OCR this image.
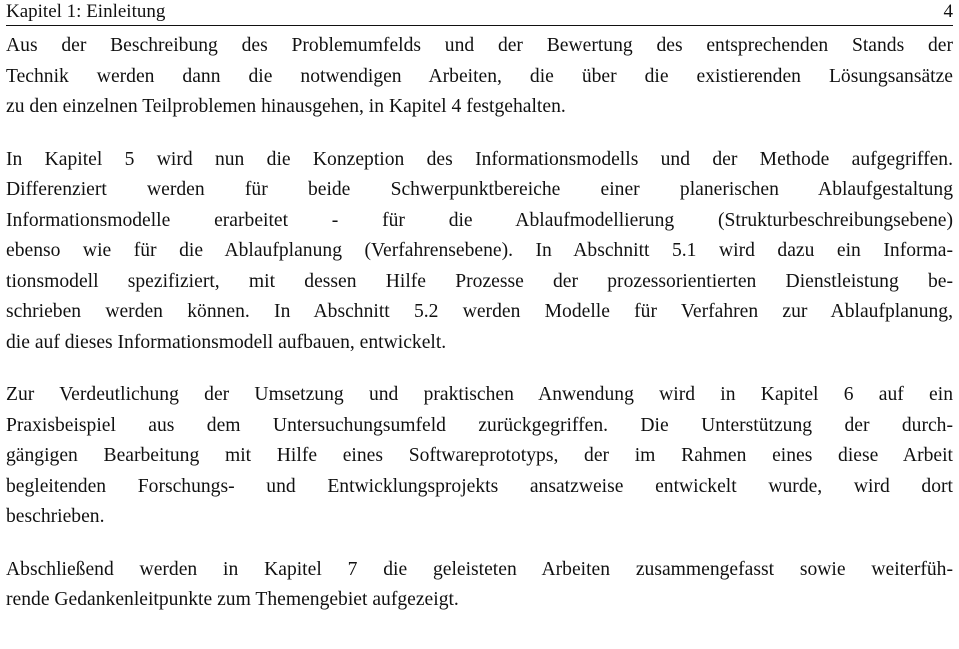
Kapitel 1: Einleitung	4

Aus der Beschreibung des Problemumfelds und der Bewertung des entsprechenden Stands der
Technik werden dann die notwendigen Arbeiten, die über die existierenden Lösungsansätze
zu den einzelnen Teilproblemen hinausgehen, in Kapitel 4 festgehalten.

In Kapitel 5 wird nun die Konzeption des Informationsmodells und der Methode aufgegriffen.
Differenziert werden für beide Schwerpunktbereiche einer planerischen Ablaufgestaltung
Informationsmodelle erarbeitet - für die Ablaufmodellierung (Strukturbeschreibungsebene)
ebenso wie für die Ablaufplanung (Verfahrensebene). In Abschnitt 5.1 wird dazu ein Informa-
tionsmodell spezifiziert, mit dessen Hilfe Prozesse der prozessorientierten Dienstleistung be-
schrieben werden können. In Abschnitt 5.2 werden Modelle für Verfahren zur Ablaufplanung,
die auf dieses Informationsmodell aufbauen, entwickelt.

Zur Verdeutlichung der Umsetzung und praktischen Anwendung wird in Kapitel 6 auf ein
Praxisbeispiel aus dem Untersuchungsumfeld zurückgegriffen. Die Unterstützung der durch-
gängigen Bearbeitung mit Hilfe eines Softwareprototyps, der im Rahmen eines diese Arbeit
begleitenden Forschungs- und Entwicklungsprojekts ansatzweise entwickelt wurde, wird dort
beschrieben.

Abschließend werden in Kapitel 7 die geleisteten Arbeiten zusammengefasst sowie weiterfüh-
rende Gedankenleitpunkte zum Themengebiet aufgezeigt.
